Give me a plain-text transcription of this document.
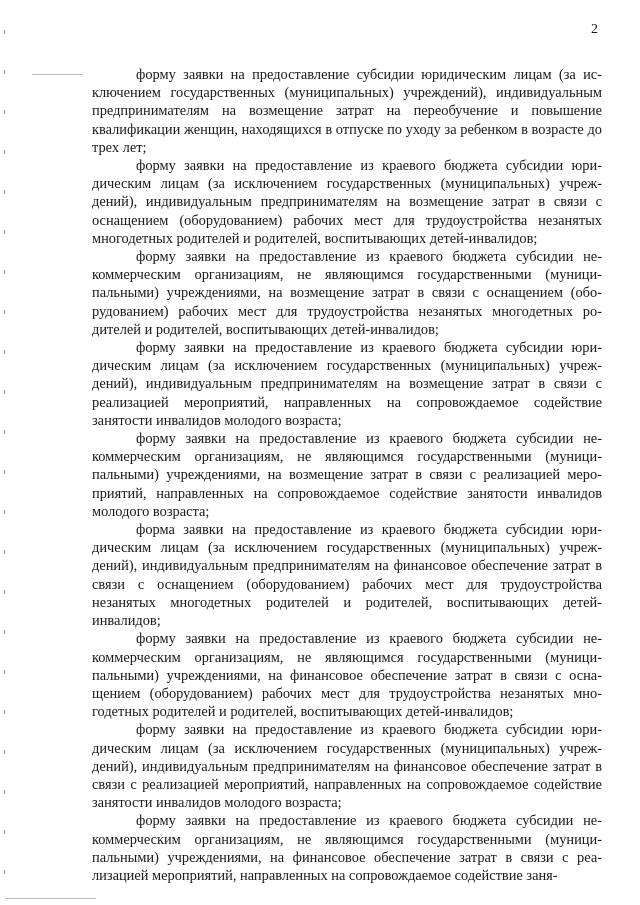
2

форму заявки на предоставление субсидии юридическим лицам (за исключением государственных (муниципальных) учреждений), индивидуальным предпринимателям на возмещение затрат на переобучение и повышение квалификации женщин, находящихся в отпуске по уходу за ребенком в возрасте до трех лет;

форму заявки на предоставление из краевого бюджета субсидии юридическим лицам (за исключением государственных (муниципальных) учреждений), индивидуальным предпринимателям на возмещение затрат в связи с оснащением (оборудованием) рабочих мест для трудоустройства незанятых многодетных родителей и родителей, воспитывающих детей-инвалидов;

форму заявки на предоставление из краевого бюджета субсидии некоммерческим организациям, не являющимся государственными (муниципальными) учреждениями, на возмещение затрат в связи с оснащением (оборудованием) рабочих мест для трудоустройства незанятых многодетных родителей и родителей, воспитывающих детей-инвалидов;

форму заявки на предоставление из краевого бюджета субсидии юридическим лицам (за исключением государственных (муниципальных) учреждений), индивидуальным предпринимателям на возмещение затрат в связи с реализацией мероприятий, направленных на сопровождаемое содействие занятости инвалидов молодого возраста;

форму заявки на предоставление из краевого бюджета субсидии некоммерческим организациям, не являющимся государственными (муниципальными) учреждениями, на возмещение затрат в связи с реализацией мероприятий, направленных на сопровождаемое содействие занятости инвалидов молодого возраста;

форма заявки на предоставление из краевого бюджета субсидии юридическим лицам (за исключением государственных (муниципальных) учреждений), индивидуальным предпринимателям на финансовое обеспечение затрат в связи с оснащением (оборудованием) рабочих мест для трудоустройства незанятых многодетных родителей и родителей, воспитывающих детей-инвалидов;

форму заявки на предоставление из краевого бюджета субсидии некоммерческим организациям, не являющимся государственными (муниципальными) учреждениями, на финансовое обеспечение затрат в связи с оснащением (оборудованием) рабочих мест для трудоустройства незанятых многодетных родителей и родителей, воспитывающих детей-инвалидов;

форму заявки на предоставление из краевого бюджета субсидии юридическим лицам (за исключением государственных (муниципальных) учреждений), индивидуальным предпринимателям на финансовое обеспечение затрат в связи с реализацией мероприятий, направленных на сопровождаемое содействие занятости инвалидов молодого возраста;

форму заявки на предоставление из краевого бюджета субсидии некоммерческим организациям, не являющимся государственными (муниципальными) учреждениями, на финансовое обеспечение затрат в связи с реализацией мероприятий, направленных на сопровождаемое содействие заня-
